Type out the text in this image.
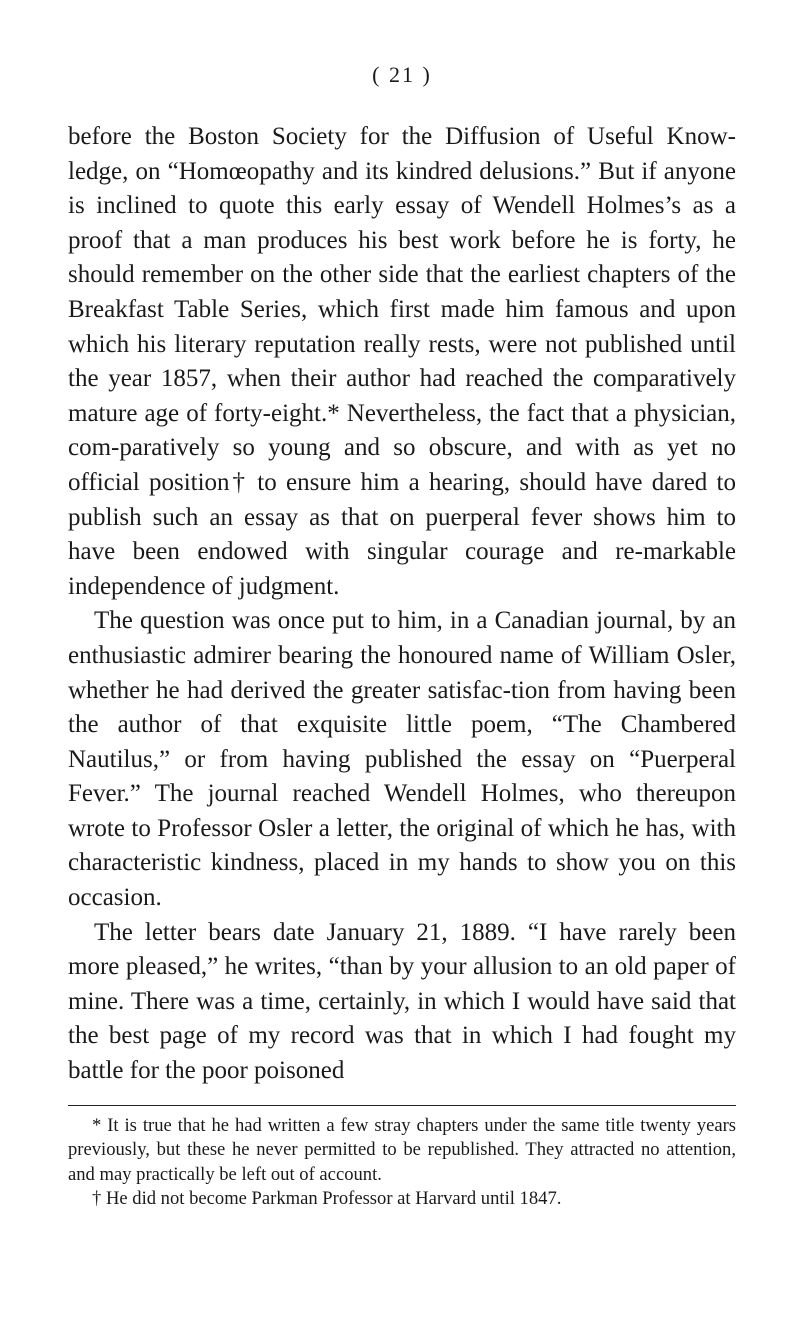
( 21 )

before the Boston Society for the Diffusion of Useful Know-ledge, on “Homœopathy and its kindred delusions.” But if anyone is inclined to quote this early essay of Wendell Holmes’s as a proof that a man produces his best work before he is forty, he should remember on the other side that the earliest chapters of the Breakfast Table Series, which first made him famous and upon which his literary reputation really rests, were not published until the year 1857, when their author had reached the comparatively mature age of forty-eight.* Nevertheless, the fact that a physician, com-paratively so young and so obscure, and with as yet no official position† to ensure him a hearing, should have dared to publish such an essay as that on puerperal fever shows him to have been endowed with singular courage and re-markable independence of judgment.

The question was once put to him, in a Canadian journal, by an enthusiastic admirer bearing the honoured name of William Osler, whether he had derived the greater satisfac-tion from having been the author of that exquisite little poem, “The Chambered Nautilus,” or from having published the essay on “Puerperal Fever.” The journal reached Wendell Holmes, who thereupon wrote to Professor Osler a letter, the original of which he has, with characteristic kindness, placed in my hands to show you on this occasion.

The letter bears date January 21, 1889. “I have rarely been more pleased,” he writes, “than by your allusion to an old paper of mine. There was a time, certainly, in which I would have said that the best page of my record was that in which I had fought my battle for the poor poisoned

* It is true that he had written a few stray chapters under the same title twenty years previously, but these he never permitted to be republished. They attracted no attention, and may practically be left out of account.

† He did not become Parkman Professor at Harvard until 1847.
